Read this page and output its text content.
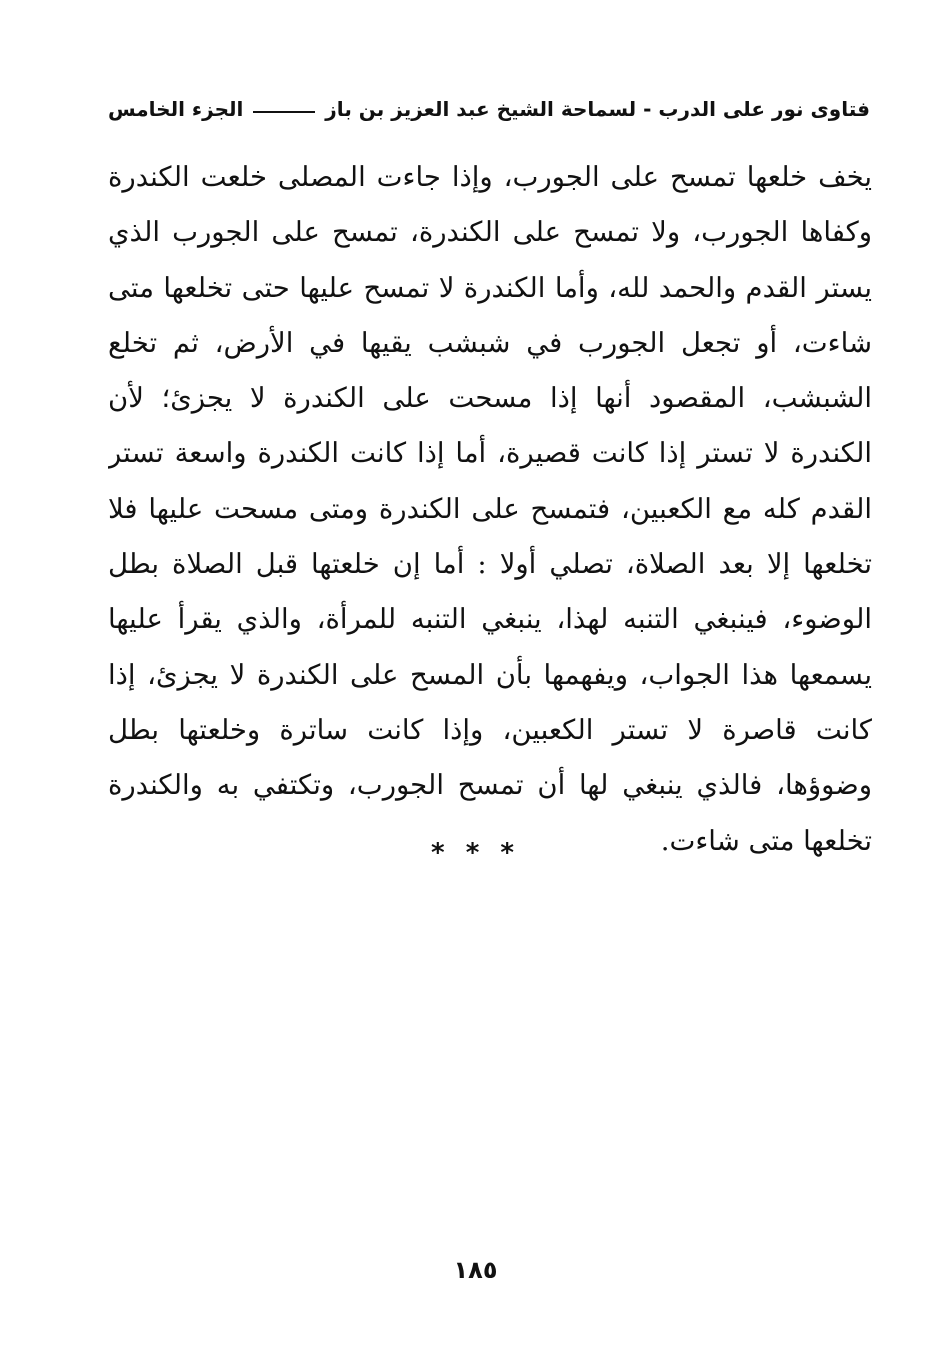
فتاوى نور على الدرب - لسماحة الشيخ عبد العزيز بن باز
الجزء الخامس
يخف خلعها تمسح على الجورب، وإذا جاءت المصلى خلعت الكندرة
وكفاها الجورب، ولا تمسح على الكندرة، تمسح على الجورب الذي
يستر القدم والحمد لله، وأما الكندرة لا تمسح عليها حتى تخلعها متى
شاءت، أو تجعل الجورب في شبشب يقيها في الأرض، ثم تخلع
الشبشب، المقصود أنها إذا مسحت على الكندرة لا يجزئ؛ لأن
الكندرة لا تستر إذا كانت قصيرة، أما إذا كانت الكندرة واسعة تستر
القدم كله مع الكعبين، فتمسح على الكندرة ومتى مسحت عليها فلا
تخلعها إلا بعد الصلاة، تصلي أولا : أما إن خلعتها قبل الصلاة بطل
الوضوء، فينبغي التنبه لهذا، ينبغي التنبه للمرأة، والذي يقرأ عليها
يسمعها هذا الجواب، ويفهمها بأن المسح على الكندرة لا يجزئ، إذا
كانت قاصرة لا تستر الكعبين، وإذا كانت ساترة وخلعتها بطل
وضوؤها، فالذي ينبغي لها أن تمسح الجورب، وتكتفي به والكندرة
تخلعها متى شاءت.
* * *
١٨٥
